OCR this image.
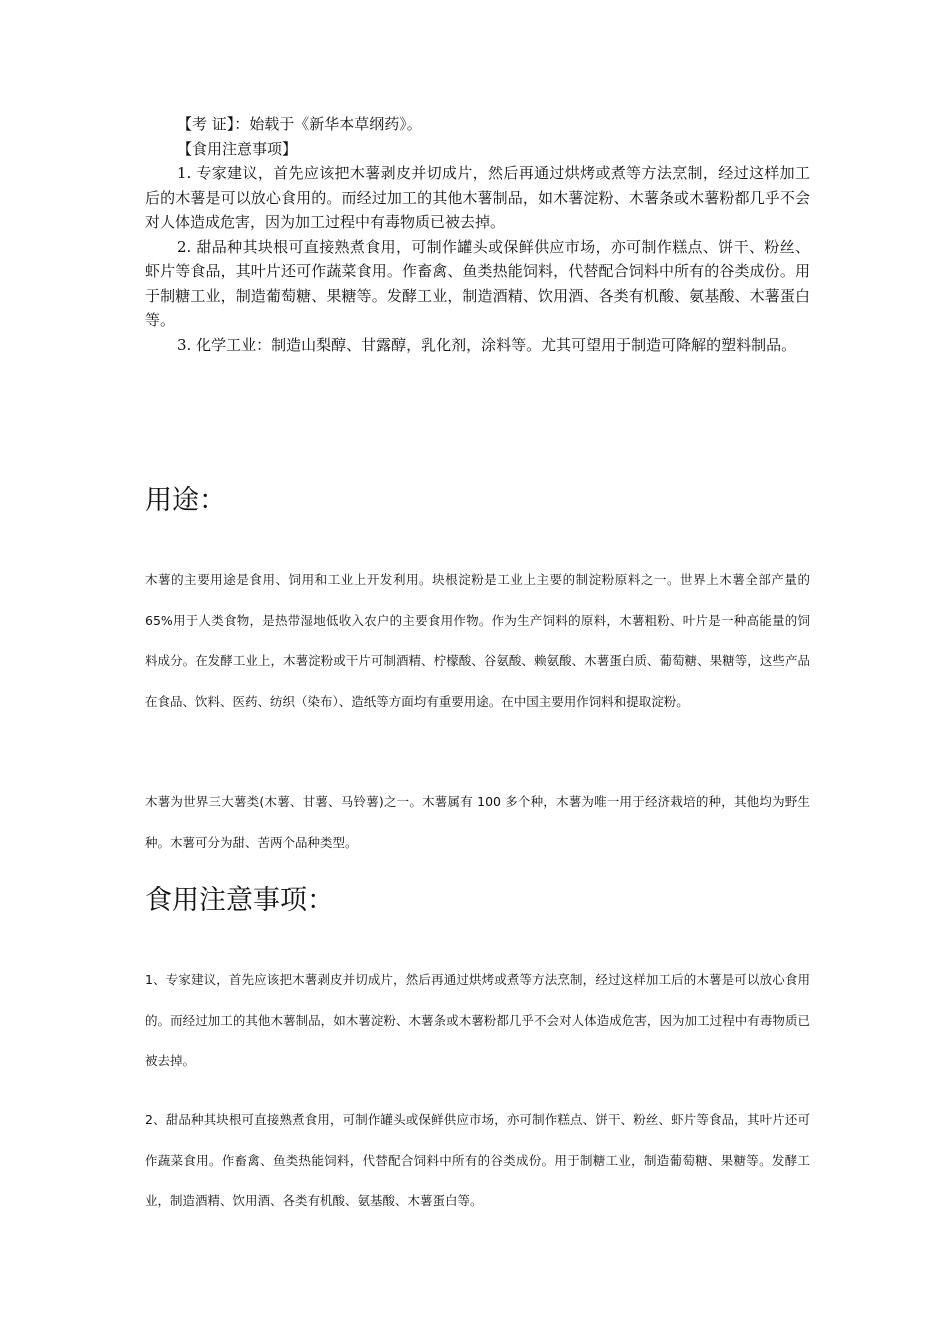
【考 证】：始载于《新华本草纲药》。

【食用注意事项】

1. 专家建议，首先应该把木薯剥皮并切成片，然后再通过烘烤或煮等方法烹制，经过这样加工后的木薯是可以放心食用的。而经过加工的其他木薯制品，如木薯淀粉、木薯条或木薯粉都几乎不会对人体造成危害，因为加工过程中有毒物质已被去掉。

2. 甜品种其块根可直接熟煮食用，可制作罐头或保鲜供应市场，亦可制作糕点、饼干、粉丝、虾片等食品，其叶片还可作蔬菜食用。作畜禽、鱼类热能饲料，代替配合饲料中所有的谷类成份。用于制糖工业，制造葡萄糖、果糖等。发酵工业，制造酒精、饮用酒、各类有机酸、氨基酸、木薯蛋白等。

3. 化学工业：制造山梨醇、甘露醇，乳化剂，涂料等。尤其可望用于制造可降解的塑料制品。

用途：

木薯的主要用途是食用、饲用和工业上开发利用。块根淀粉是工业上主要的制淀粉原料之一。世界上木薯全部产量的65%用于人类食物，是热带湿地低收入农户的主要食用作物。作为生产饲料的原料，木薯粗粉、叶片是一种高能量的饲料成分。在发酵工业上，木薯淀粉或干片可制酒精、柠檬酸、谷氨酸、赖氨酸、木薯蛋白质、葡萄糖、果糖等，这些产品在食品、饮料、医药、纺织（染布）、造纸等方面均有重要用途。在中国主要用作饲料和提取淀粉。

木薯为世界三大薯类(木薯、甘薯、马铃薯)之一。木薯属有 100 多个种，木薯为唯一用于经济栽培的种，其他均为野生种。木薯可分为甜、苦两个品种类型。

食用注意事项：

1、专家建议，首先应该把木薯剥皮并切成片，然后再通过烘烤或煮等方法烹制，经过这样加工后的木薯是可以放心食用的。而经过加工的其他木薯制品，如木薯淀粉、木薯条或木薯粉都几乎不会对人体造成危害，因为加工过程中有毒物质已被去掉。

2、甜品种其块根可直接熟煮食用，可制作罐头或保鲜供应市场，亦可制作糕点、饼干、粉丝、虾片等食品，其叶片还可作蔬菜食用。作畜禽、鱼类热能饲料，代替配合饲料中所有的谷类成份。用于制糖工业，制造葡萄糖、果糖等。发酵工业，制造酒精、饮用酒、各类有机酸、氨基酸、木薯蛋白等。
